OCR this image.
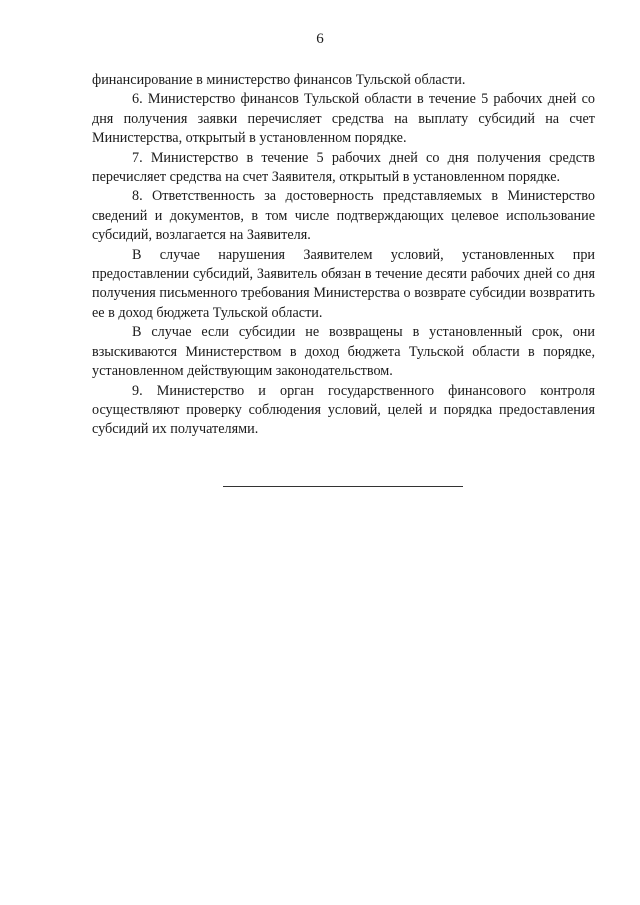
6

финансирование в министерство финансов Тульской области.

6. Министерство финансов Тульской области в течение 5 рабочих дней со дня получения заявки перечисляет средства на выплату субсидий на счет Министерства, открытый в установленном порядке.

7. Министерство в течение 5 рабочих дней со дня получения средств перечисляет средства на счет Заявителя, открытый в установленном порядке.

8. Ответственность за достоверность представляемых в Министерство сведений и документов, в том числе подтверждающих целевое использование субсидий, возлагается на Заявителя.

В случае нарушения Заявителем условий, установленных при предоставлении субсидий, Заявитель обязан в течение десяти рабочих дней со дня получения письменного требования Министерства о возврате субсидии возвратить ее в доход бюджета Тульской области.

В случае если субсидии не возвращены в установленный срок, они взыскиваются Министерством в доход бюджета Тульской области в порядке, установленном действующим законодательством.

9. Министерство и орган государственного финансового контроля осуществляют проверку соблюдения условий, целей и порядка предоставления субсидий их получателями.
